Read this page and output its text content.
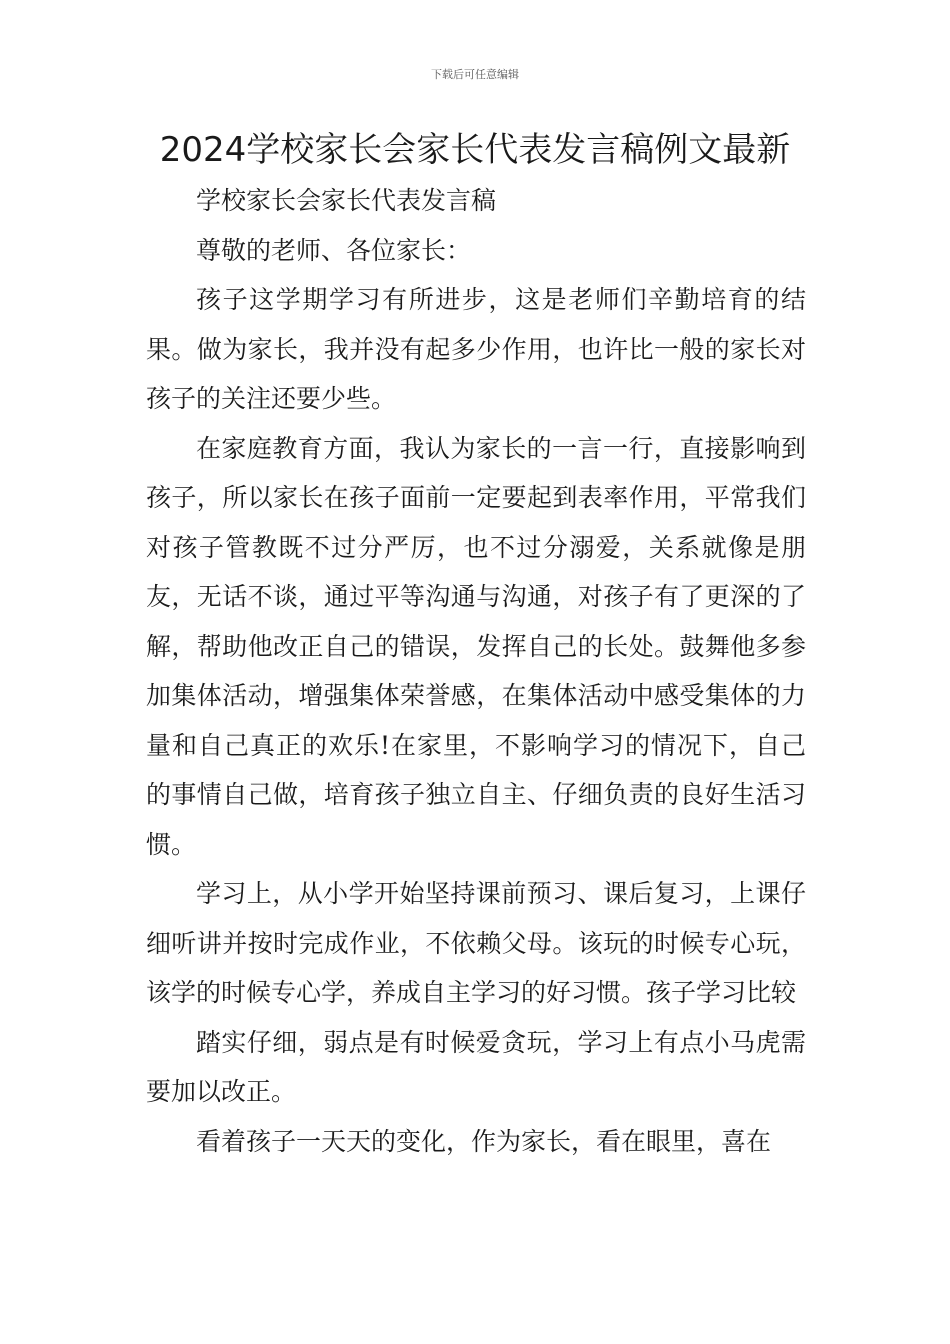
下载后可任意编辑
2024学校家长会家长代表发言稿例文最新

学校家长会家长代表发言稿

尊敬的老师、各位家长：

孩子这学期学习有所进步，这是老师们辛勤培育的结果。做为家长，我并没有起多少作用，也许比一般的家长对孩子的关注还要少些。

在家庭教育方面，我认为家长的一言一行，直接影响到孩子，所以家长在孩子面前一定要起到表率作用，平常我们对孩子管教既不过分严厉，也不过分溺爱，关系就像是朋友，无话不谈，通过平等沟通与沟通，对孩子有了更深的了解，帮助他改正自己的错误，发挥自己的长处。鼓舞他多参加集体活动，增强集体荣誉感，在集体活动中感受集体的力量和自己真正的欢乐!在家里，不影响学习的情况下，自己的事情自己做，培育孩子独立自主、仔细负责的良好生活习惯。

学习上，从小学开始坚持课前预习、课后复习，上课仔细听讲并按时完成作业，不依赖父母。该玩的时候专心玩，该学的时候专心学，养成自主学习的好习惯。孩子学习比较

踏实仔细，弱点是有时候爱贪玩，学习上有点小马虎需要加以改正。

看着孩子一天天的变化，作为家长，看在眼里，喜在
